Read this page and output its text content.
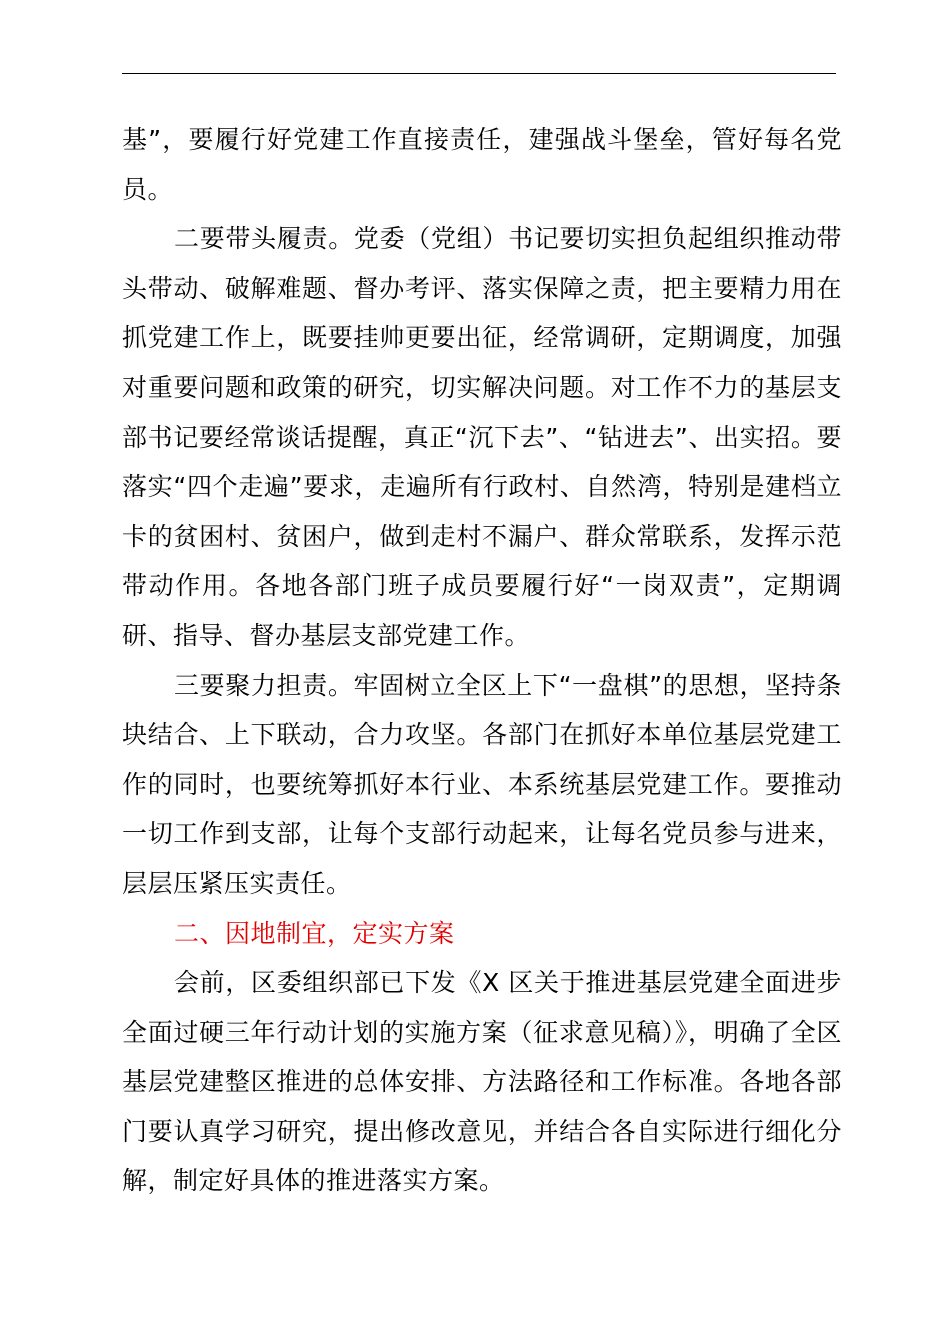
基”，要履行好党建工作直接责任，建强战斗堡垒，管好每名党员。

二要带头履责。党委（党组）书记要切实担负起组织推动带头带动、破解难题、督办考评、落实保障之责，把主要精力用在抓党建工作上，既要挂帅更要出征，经常调研，定期调度，加强对重要问题和政策的研究，切实解决问题。对工作不力的基层支部书记要经常谈话提醒，真正“沉下去”、“钻进去”、出实招。要落实“四个走遍”要求，走遍所有行政村、自然湾，特别是建档立卡的贫困村、贫困户，做到走村不漏户、群众常联系，发挥示范带动作用。各地各部门班子成员要履行好“一岗双责”，定期调研、指导、督办基层支部党建工作。

三要聚力担责。牢固树立全区上下“一盘棋”的思想，坚持条块结合、上下联动，合力攻坚。各部门在抓好本单位基层党建工作的同时，也要统筹抓好本行业、本系统基层党建工作。要推动一切工作到支部，让每个支部行动起来，让每名党员参与进来，层层压紧压实责任。

二、因地制宜，定实方案

会前，区委组织部已下发《X 区关于推进基层党建全面进步全面过硬三年行动计划的实施方案（征求意见稿）》，明确了全区基层党建整区推进的总体安排、方法路径和工作标准。各地各部门要认真学习研究，提出修改意见，并结合各自实际进行细化分解，制定好具体的推进落实方案。
